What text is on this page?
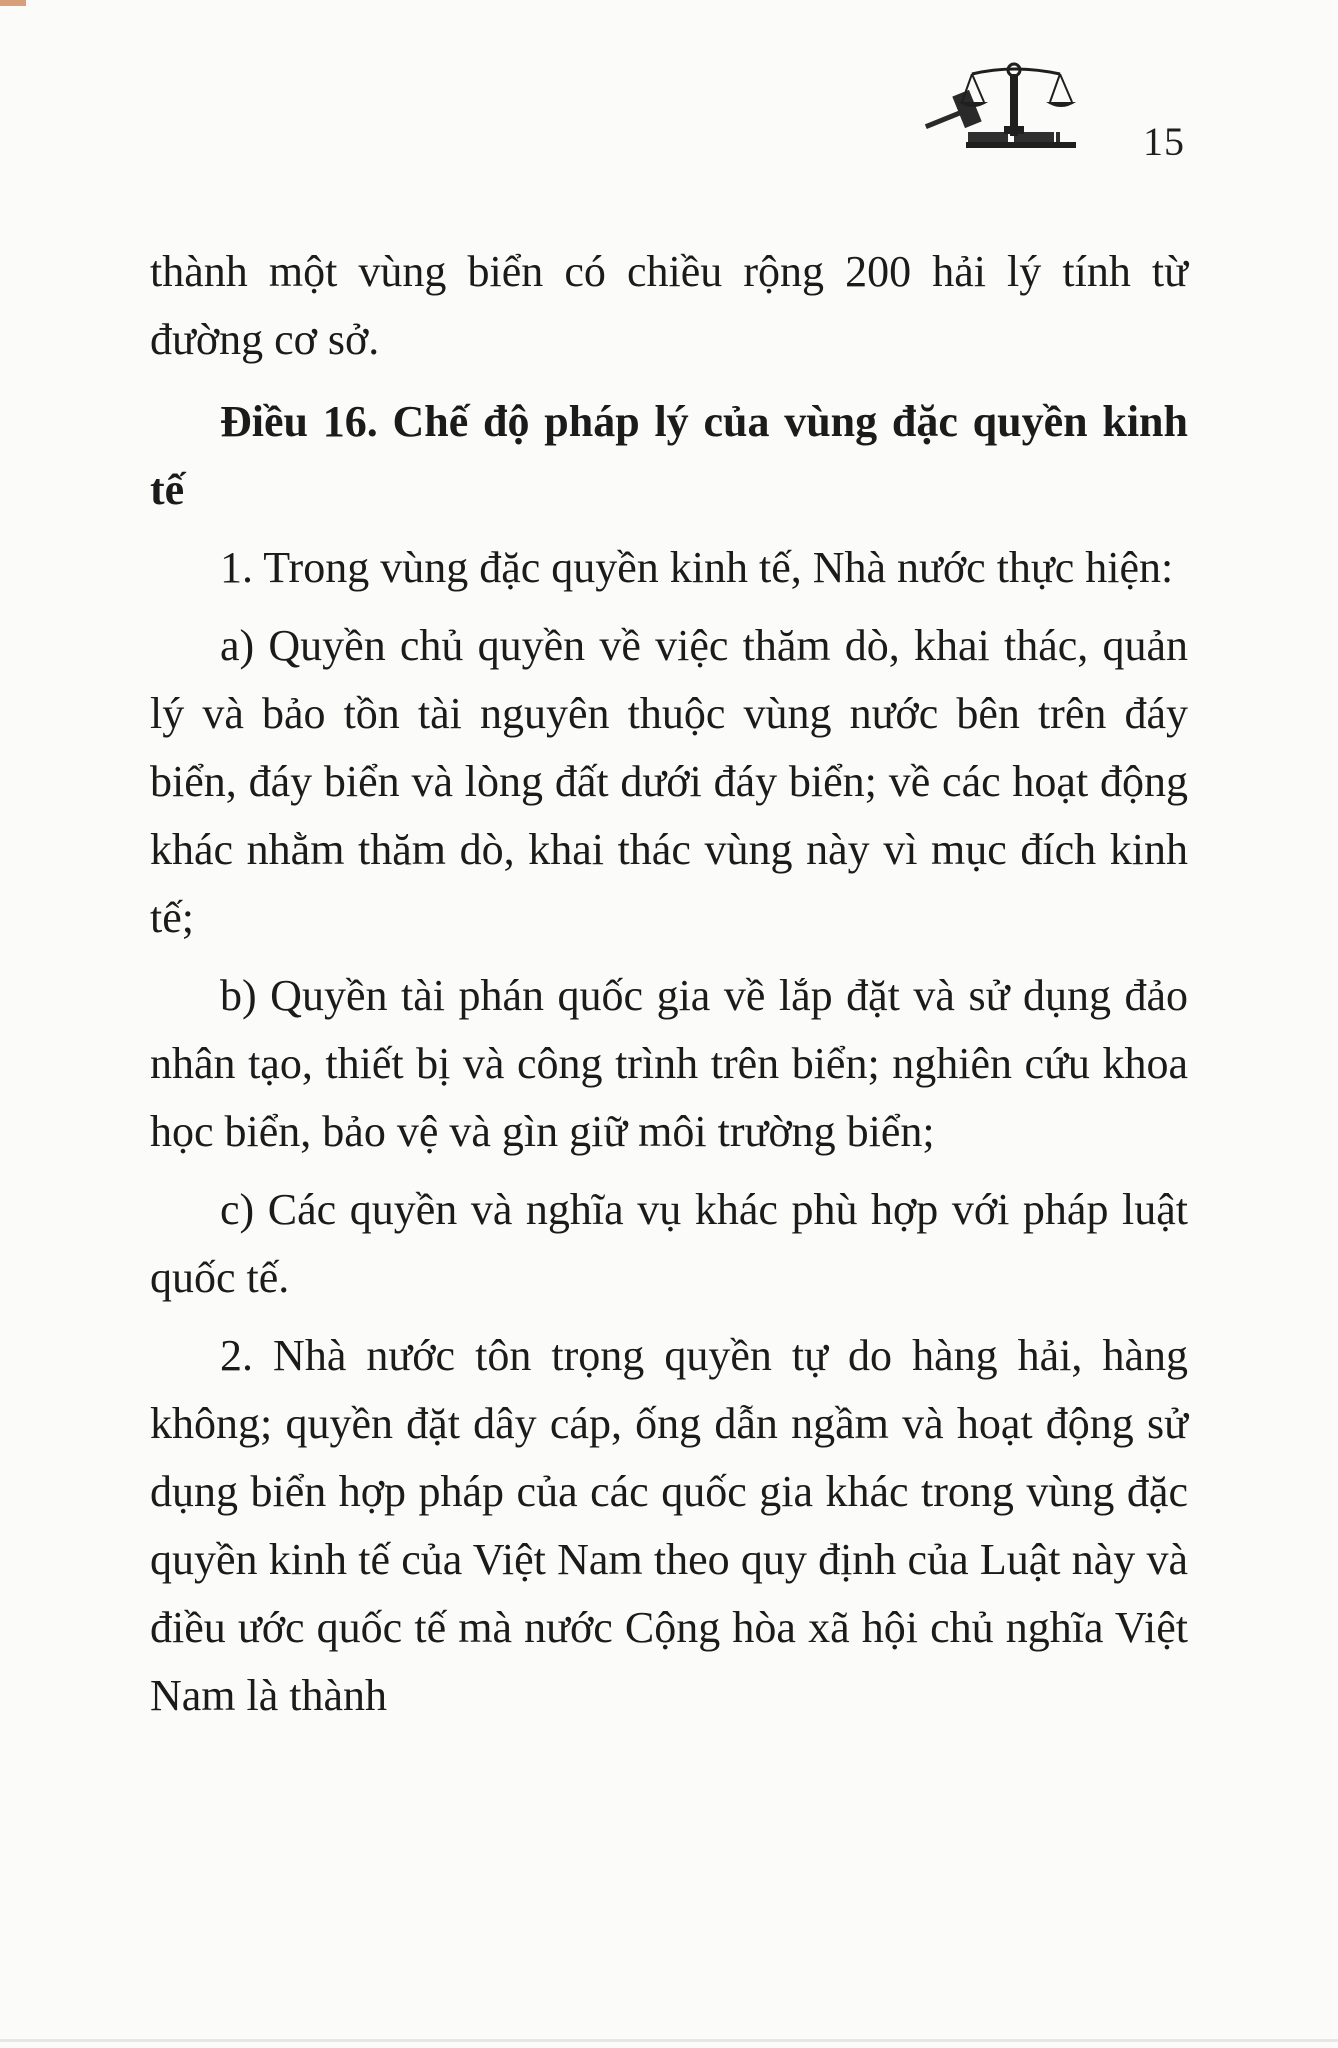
15

thành một vùng biển có chiều rộng 200 hải lý tính từ đường cơ sở.

Điều 16. Chế độ pháp lý của vùng đặc quyền kinh tế

1. Trong vùng đặc quyền kinh tế, Nhà nước thực hiện:

a) Quyền chủ quyền về việc thăm dò, khai thác, quản lý và bảo tồn tài nguyên thuộc vùng nước bên trên đáy biển, đáy biển và lòng đất dưới đáy biển; về các hoạt động khác nhằm thăm dò, khai thác vùng này vì mục đích kinh tế;

b) Quyền tài phán quốc gia về lắp đặt và sử dụng đảo nhân tạo, thiết bị và công trình trên biển; nghiên cứu khoa học biển, bảo vệ và gìn giữ môi trường biển;

c) Các quyền và nghĩa vụ khác phù hợp với pháp luật quốc tế.

2. Nhà nước tôn trọng quyền tự do hàng hải, hàng không; quyền đặt dây cáp, ống dẫn ngầm và hoạt động sử dụng biển hợp pháp của các quốc gia khác trong vùng đặc quyền kinh tế của Việt Nam theo quy định của Luật này và điều ước quốc tế mà nước Cộng hòa xã hội chủ nghĩa Việt Nam là thành
